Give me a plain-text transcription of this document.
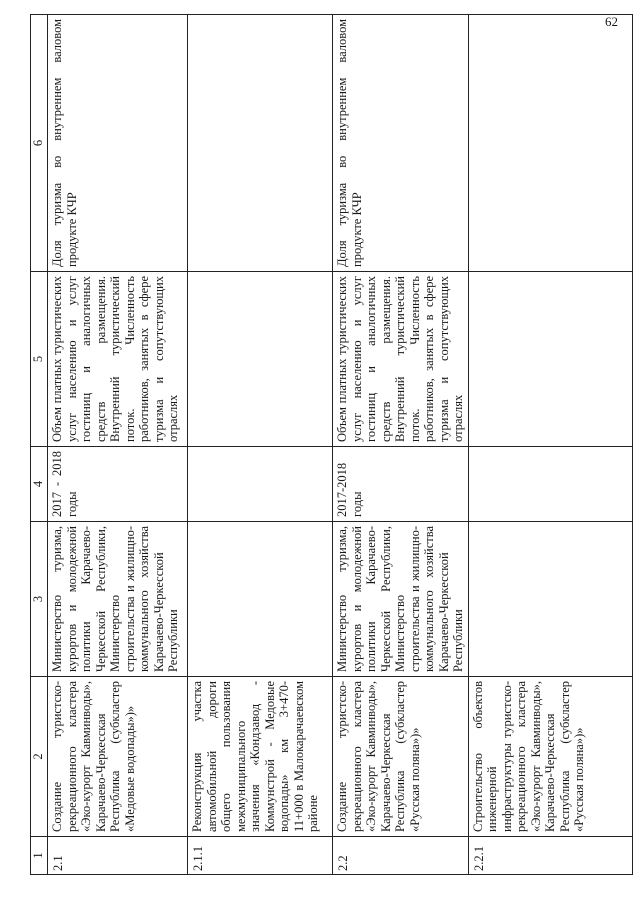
62
1	2	3	4	5	6
2.1	Создание туристско-рекреационного кластера «Эко-курорт Кавминводы», Карачаево-Черкесская Республика (субкластер «Медовые водопады»)»	Министерство туризма, курортов и молодежной политики Карачаево-Черкесской Республики, Министерство строительства и жилищно-коммунального хозяйства Карачаево-Черкесской Республики	2017 - 2018 годы	Объем платных туристических услуг населению и услуг гостиниц и аналогичных средств размещения. Внутренний туристический поток. Численность работников, занятых в сфере туризма и сопутствующих отраслях	Доля туризма во внутреннем валовом продукте КЧР
2.1.1	Реконструкция участка автомобильной дороги общего пользования межмуниципального значения «Кондзавод - Коммунстрой - Медовые водопады» км 3+470-11+000 в Малокарачаевском районе				
2.2	Создание туристско-рекреационного кластера «Эко-курорт Кавминводы», Карачаево-Черкесская Республика (субкластер «Русская поляна»)»	Министерство туризма, курортов и молодежной политики Карачаево-Черкесской Республики, Министерство строительства и жилищно-коммунального хозяйства Карачаево-Черкесской Республики	2017-2018 годы	Объем платных туристических услуг населению и услуг гостиниц и аналогичных средств размещения. Внутренний туристический поток. Численность работников, занятых в сфере туризма и сопутствующих отраслях	Доля туризма во внутреннем валовом продукте КЧР
2.2.1	Строительство объектов инженерной инфраструктуры туристско-рекреационного кластера «Эко-курорт Кавминводы», Карачаево-Черкесская Республика (субкластер «Русская поляна»)»				
